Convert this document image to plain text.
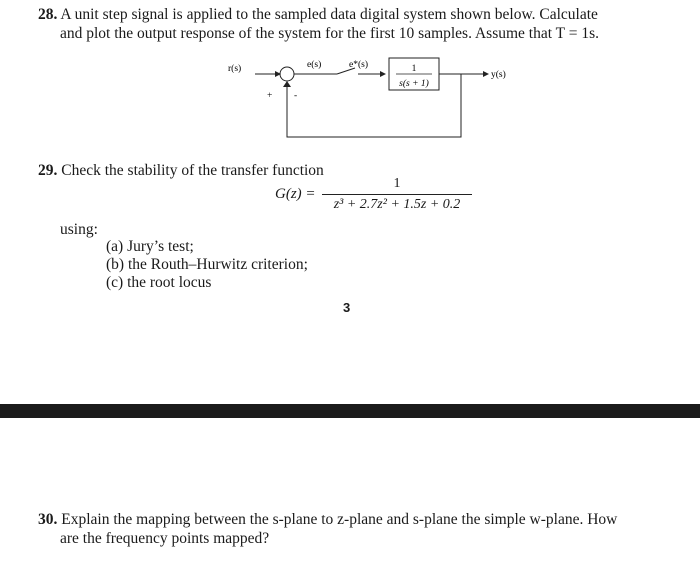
28. A unit step signal is applied to the sampled data digital system shown below. Calculate
and plot the output response of the system for the first 10 samples. Assume that T = 1s.
r(s)	e(s)	e*(s)	1
s(s + 1)
y(s)
+ -
29. Check the stability of the transfer function
G(z) =
1
z³ + 2.7z² + 1.5z + 0.2
using:
(a) Jury’s test;
(b) the Routh–Hurwitz criterion;
(c) the root locus
3
30. Explain the mapping between the s-plane to z-plane and s-plane the simple w-plane. How
are the frequency points mapped?
